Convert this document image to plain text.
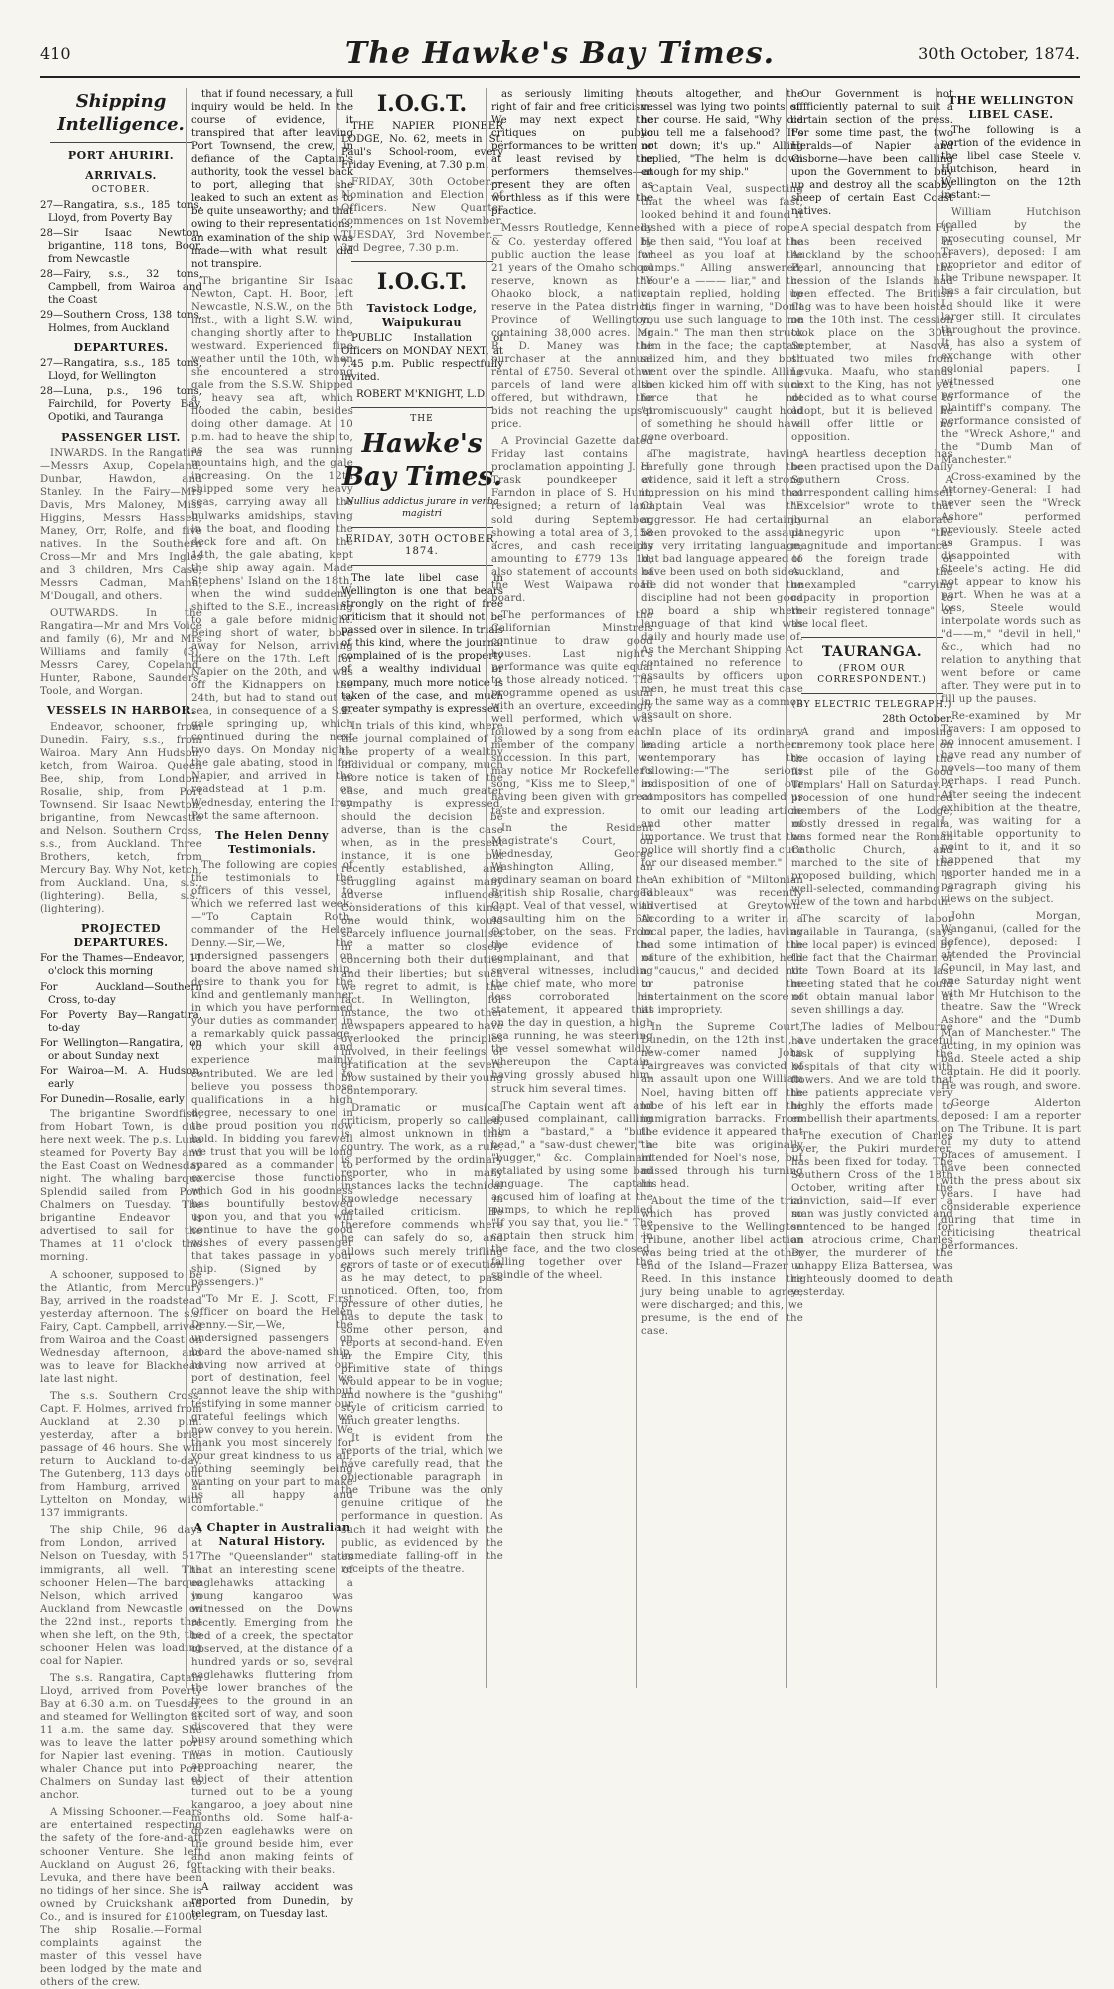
410	The Hawke's Bay Times.	30th October, 1874.
Shipping Intelligence.
PORT AHURIRI.
ARRIVALS.
OCTOBER.
27—Rangatira, s.s., 185 tons, Lloyd, from Poverty Bay
28—Sir Isaac Newton, brigantine, 118 tons, Boor, from Newcastle
28—Fairy, s.s., 32 tons, Campbell, from Wairoa and the Coast
29—Southern Cross, 138 tons, Holmes, from Auckland
DEPARTURES.
27—Rangatira, s.s., 185 tons, Lloyd, for Wellington
28—Luna, p.s., 196 tons, Fairchild, for Poverty Bay, Opotiki, and Tauranga
PASSENGER LIST.
INWARDS. In the Rangatira—Messrs Axup, Copeland, Dunbar, Hawdon, and Stanley. In the Fairy—Mrs Davis, Mrs Maloney, Miss Higgins, Messrs Hassell, Maney, Orr, Rolfe, and five natives. In the Southern Cross—Mr and Mrs Ingles and 3 children, Mrs Case, Messrs Cadman, Mann, M'Dougall, and others.
OUTWARDS. In the Rangatira—Mr and Mrs Voice and family (6), Mr and Mrs Williams and family (3), Messrs Carey, Copeland, Hunter, Rabone, Saunders, Toole, and Worgan.
VESSELS IN HARBOR.
Endeavor, schooner, from Dunedin. Fairy, s.s., from Wairoa. Mary Ann Hudson, ketch, from Wairoa. Queen Bee, ship, from London. Rosalie, ship, from Port Townsend. Sir Isaac Newton, brigantine, from Newcastle and Nelson. Southern Cross, s.s., from Auckland. Three Brothers, ketch, from Mercury Bay. Why Not, ketch, from Auckland. Una, s.s., (lightering). Bella, s.s., (lightering).
PROJECTED DEPARTURES.
For the Thames—Endeavor, 11 o'clock this morning
For Auckland—Southern Cross, to-day
For Poverty Bay—Rangatira, to-day
For Wellington—Rangatira, on or about Sunday next
For Wairoa—M. A. Hudson, early
For Dunedin—Rosalie, early
The brigantine Swordfish, from Hobart Town, is due here next week. The p.s. Luna steamed for Poverty Bay and the East Coast on Wednesday night. The whaling barque Splendid sailed from Port Chalmers on Tuesday. The brigantine Endeavor is advertised to sail for the Thames at 11 o'clock this morning.
A schooner, supposed to be the Atlantic, from Mercury Bay, arrived in the roadstead yesterday afternoon. The s.s. Fairy, Capt. Campbell, arrived from Wairoa and the Coast on Wednesday afternoon, and was to leave for Blackhead late last night.
The s.s. Southern Cross, Capt. F. Holmes, arrived from Auckland at 2.30 p.m. yesterday, after a brief passage of 46 hours. She will return to Auckland to-day. The Gutenberg, 113 days out from Hamburg, arrived at Lyttelton on Monday, with 137 immigrants.
The ship Chile, 96 days from London, arrived at Nelson on Tuesday, with 517 immigrants, all well. The schooner Helen—The barque Nelson, which arrived in Auckland from Newcastle on the 22nd inst., reports that when she left, on the 9th, the schooner Helen was loading coal for Napier.
The s.s. Rangatira, Captain Lloyd, arrived from Poverty Bay at 6.30 a.m. on Tuesday, and steamed for Wellington at 11 a.m. the same day. She was to leave the latter port for Napier last evening. The whaler Chance put into Port Chalmers on Sunday last to anchor.
A Missing Schooner.—Fears are entertained respecting the safety of the fore-and-aft schooner Venture. She left Auckland on August 26, for Levuka, and there have been no tidings of her since. She is owned by Cruickshank and Co., and is insured for £1000. The ship Rosalie.—Formal complaints against the master of this vessel have been lodged by the mate and others of the crew.
that if found necessary, a full inquiry would be held. In the course of evidence, it transpired that after leaving Port Townsend, the crew, in defiance of the Captain's authority, took the vessel back to port, alleging that she leaked to such an extent as to be quite unseaworthy; and that owing to their representations, an examination of the ship was made—with what result did not transpire.
The brigantine Sir Isaac Newton, Capt. H. Boor, left Newcastle, N.S.W., on the 5th inst., with a light S.W. wind, changing shortly after to the westward. Experienced fine weather until the 10th, when she encountered a strong gale from the S.S.W. Shipped a heavy sea aft, which flooded the cabin, besides doing other damage. At 10 p.m. had to heave the ship to, as the sea was running mountains high, and the gale increasing. On the 12th shipped some very heavy seas, carrying away all the bulwarks amidships, staving in the boat, and flooding the deck fore and aft. On the 14th, the gale abating, kept the ship away again. Made Stephens' Island on the 18th, when the wind suddenly shifted to the S.E., increasing to a gale before midnight. Being short of water, bore away for Nelson, arriving there on the 17th. Left for Napier on the 20th, and was off the Kidnappers on the 24th, but had to stand out to sea, in consequence of a S.E. gale springing up, which continued during the next two days. On Monday night, the gale abating, stood in for Napier, and arrived in the roadstead at 1 p.m. on Wednesday, entering the Iron Pot the same afternoon.
The Helen Denny Testimonials.
The following are copies of the testimonials to the officers of this vessel, to which we referred last week:—"To Captain Roth, commander of the Helen Denny.—Sir,—We, the undersigned passengers on board the above named ship, desire to thank you for the kind and gentlemanly manner in which you have performed your duties as commander, in a remarkably quick passage, to which your skill and experience mainly contributed. We are led to believe you possess those qualifications in a high degree, necessary to one in the proud position you now hold. In bidding you farewell we trust that you will be long spared as a commander to exercise those functions which God in his goodness has bountifully bestowed upon you, and that you will continue to have the good wishes of every passenger that takes passage in your ship. (Signed by 56 passengers.)"
"To Mr E. J. Scott, First Officer on board the Helen Denny.—Sir,—We, the undersigned passengers on board the above-named ship, having now arrived at our port of destination, feel we cannot leave the ship without testifying in some manner our grateful feelings which we now convey to you herein. We thank you most sincerely for your great kindness to us all, nothing seemingly being wanting on your part to make us all happy and comfortable."
A Chapter in Australian Natural History.
The "Queenslander" states that an interesting scene of eaglehawks attacking a young kangaroo was witnessed on the Downs recently. Emerging from the bed of a creek, the spectator observed, at the distance of a hundred yards or so, several eaglehawks fluttering from the lower branches of the trees to the ground in an excited sort of way, and soon discovered that they were busy around something which was in motion. Cautiously approaching nearer, the object of their attention turned out to be a young kangaroo, a joey about nine months old. Some half-a-dozen eaglehawks were on the ground beside him, ever and anon making feints of attacking with their beaks.
A railway accident was reported from Dunedin, by telegram, on Tuesday last.
I.O.G.T.
THE NAPIER PIONEER LODGE, No. 62, meets in St. Paul's School-room, every Friday Evening, at 7.30 p.m.
FRIDAY, 30th October.—Nomination and Election of Officers. New Quarter commences on 1st November. TUESDAY, 3rd November.—3rd Degree, 7.30 p.m.
I.O.G.T.
Tavistock Lodge, Waipukurau
PUBLIC Installation of Officers on MONDAY NEXT, at 7.45 p.m. Public respectfully invited.
ROBERT M'KNIGHT, L.D.
THE
Hawke's Bay Times.
Nullius addictus jurare in verba magistri
FRIDAY, 30TH OCTOBER, 1874.
The late libel case in Wellington is one that bears strongly on the right of free criticism that it should not be passed over in silence. In trials of this kind, where the journal complained of is the property of a wealthy individual or company, much more notice is taken of the case, and much greater sympathy is expressed.
In trials of this kind, where the journal complained of is the property of a wealthy individual or company, much more notice is taken of the case, and much greater sympathy is expressed, should the decision be adverse, than is the case when, as in the present instance, it is one but recently established, and struggling against many adverse influences. Considerations of this kind, one would think, would scarcely influence journalists in a matter so closely concerning both their duties and their liberties; but such we regret to admit, is the fact. In Wellington, for instance, the two other newspapers appeared to have overlooked the principles involved, in their feelings of gratification at the severe blow sustained by their young contemporary.
Dramatic or musical criticism, properly so called, is almost unknown in this country. The work, as a rule, is performed by the ordinary reporter, who in many instances lacks the technical knowledge necessary in detailed criticism. He therefore commends where he can safely do so, and allows such merely trifling errors of taste or of execution as he may detect, to pass unnoticed. Often, too, from pressure of other duties, he has to depute the task to some other person, and reports at second-hand. Even in the Empire City, this primitive state of things would appear to be in vogue; and nowhere is the "gushing" style of criticism carried to much greater lengths.
It is evident from the reports of the trial, which we have carefully read, that the objectionable paragraph in the Tribune was the only genuine critique of the performance in question. As such it had weight with the public, as evidenced by the immediate falling-off in the receipts of the theatre.
as seriously limiting the right of fair and free criticism. We may next expect the critiques on public performances to be written or at least revised by the performers themselves—at present they are often as worthless as if this were the practice.
Messrs Routledge, Kennedy & Co. yesterday offered by public auction the lease for 21 years of the Omaho school reserve, known as the Ohaoko block, a native reserve in the Patea district, Province of Wellington, containing 38,000 acres. Mr R. D. Maney was the purchaser at the annual rental of £750. Several other parcels of land were also offered, but withdrawn, the bids not reaching the upset price.
A Provincial Gazette dated Friday last contains a proclamation appointing J. H. Trask poundkeeper at Farndon in place of S. Hunt, resigned; a return of land sold during September, showing a total area of 3,158 acres, and cash receipts amounting to £779 13s 1d; also statement of accounts of the West Waipawa road board.
The performances of the Californian Minstrels continue to draw good houses. Last night's performance was quite equal to those already noticed. The programme opened as usual with an overture, exceedingly well performed, which was followed by a song from each member of the company in succession. In this part, we may notice Mr Rockefeller's song, "Kiss me to Sleep," as having been given with great taste and expression.
In the Resident Magistrate's Court, on Wednesday, George Washington Alling, an ordinary seaman on board the British ship Rosalie, charged Capt. Veal of that vessel, with assaulting him on the 6th October, on the seas. From the evidence of the complainant, and that of several witnesses, including the chief mate, who more or less corroborated his statement, it appeared that on the day in question, a high sea running, he was steering the vessel somewhat wildly, whereupon the Captain, having grossly abused him, struck him several times.
The Captain went aft and abused complainant, calling him a "bastard," a "bull-head," a "saw-dust chewer," a "bugger," &c. Complainant retaliated by using some bad language. The captain accused him of loafing at the pumps, to which he replied "If you say that, you lie." The captain then struck him in the face, and the two closed, falling together over the spindle of the wheel.
outs altogether, and the vessel was lying two points off her course. He said, "Why did you tell me a falsehood? It's not down; it's up." Alling replied, "The helm is down enough for my ship."
Captain Veal, suspecting that the wheel was fast, looked behind it and found it lashed with a piece of rope. He then said, "You loaf at the wheel as you loaf at the pumps." Alling answered, "Your'e a ——— liar," and the captain replied, holding up his finger in warning, "Don't you use such language to me again." The man then struck him in the face; the captain seized him, and they both went over the spindle. Alling then kicked him off with such force that he not "promiscuously" caught hold of something he should have gone overboard.
The magistrate, having carefully gone through the evidence, said it left a strong impression on his mind that Captain Veal was the aggressor. He had certainly been provoked to the assault by very irritating language; but bad language appeared to have been used on both sides. He did not wonder that the discipline had not been good on board a ship where language of that kind was daily and hourly made use of. As the Merchant Shipping Act contained no reference to assaults by officers upon men, he must treat this case in the same way as a common assault on shore.
In place of its ordinary leading article a northern contemporary has the following:—"The serious indisposition of one of our compositors has compelled us to omit our leading article and other matter of importance. We trust that the police will shortly find a cure for our diseased member."
An exhibition of "Miltonian Tableaux" was recently advertised at Greytown. According to a writer in a local paper, the ladies, having had some intimation of the nature of the exhibition, held a "caucus," and decided not to patronise the entertainment on the score of its impropriety.
In the Supreme Court, Dunedin, on the 12th inst., a new-comer named John Fairgreaves was convicted of an assault upon one William Noel, having bitten off the lobe of his left ear in the immigration barracks. From the evidence it appeared that the bite was originally intended for Noel's nose, but missed through his turning his head.
About the time of the trial which has proved so expensive to the Wellington Tribune, another libel action was being tried at the other end of the Island—Frazer v. Reed. In this instance the jury being unable to agree, were discharged; and this, we presume, is the end of the case.
Our Government is not sufficiently paternal to suit a certain section of the press. For some time past, the two Heralds—of Napier and Gisborne—have been calling upon the Government to buy up and destroy all the scabby sheep of certain East Coast natives.
A special despatch from Fiji has been received in Auckland by the schooner Pearl, announcing that the cession of the Islands had been effected. The British flag was to have been hoisted on the 10th inst. The cession took place on the 30th September, at Nasova, situated two miles from Levuka. Maafu, who stands next to the King, has not yet decided as to what course to adopt, but it is believed he will offer little or no opposition.
A heartless deception has been practised upon the Daily Southern Cross. A correspondent calling himself "Excelsior" wrote to that journal an elaborate panegyric upon "the magnitude and importance" of the foreign trade of Auckland, and the unexampled "carrying capacity in proportion to their registered tonnage" of the local fleet.
TAURANGA.
(FROM OUR CORRESPONDENT.)
(BY ELECTRIC TELEGRAPH.)
28th October.
A grand and imposing ceremony took place here on the occasion of laying the first pile of the Good Templars' Hall on Saturday. A procession of one hundred members of the Lodge, mostly dressed in regalia, was formed near the Roman Catholic Church, and marched to the site of the proposed building, which is well-selected, commanding a view of the town and harbour.
The scarcity of labor available in Tauranga, (says the local paper) is evinced by the fact that the Chairman of the Town Board at its last meeting stated that he could not obtain manual labor at seven shillings a day.
The ladies of Melbourne have undertaken the graceful task of supplying the hospitals of that city with flowers. And we are told that the patients appreciate very highly the efforts made to embellish their apartments.
The execution of Charles Dyer, the Pukiri murderer, has been fixed for today. The Southern Cross of the 18th October, writing after the conviction, said—If ever a man was justly convicted and sentenced to be hanged for an atrocious crime, Charles Dyer, the murderer of the unhappy Eliza Battersea, was righteously doomed to death yesterday.
THE WELLINGTON LIBEL CASE.
The following is a portion of the evidence in the libel case Steele v. Hutchison, heard in Wellington on the 12th instant:—
William Hutchison (called by the prosecuting counsel, Mr Travers), deposed: I am proprietor and editor of the Tribune newspaper. It has a fair circulation, but I should like it were larger still. It circulates throughout the province. It has also a system of exchange with other colonial papers. I witnessed one performance of the plaintiff's company. The performance consisted of the "Wreck Ashore," and the "Dumb Man of Manchester."
Cross-examined by the Attorney-General: I had never seen the "Wreck Ashore" performed previously. Steele acted as Grampus. I was disappointed with Steele's acting. He did not appear to know his part. When he was at a loss, Steele would interpolate words such as "d——m," "devil in hell," &c., which had no relation to anything that went before or came after. They were put in to fill up the pauses.
Re-examined by Mr Travers: I am opposed to no innocent amusement. I have read any number of novels—too many of them perhaps. I read Punch. After seeing the indecent exhibition at the theatre, I was waiting for a suitable opportunity to point to it, and it so happened that my reporter handed me in a paragraph giving his views on the subject.
John Morgan, Wanganui, (called for the defence), deposed: I attended the Provincial Council, in May last, and one Saturday night went with Mr Hutchison to the theatre. Saw the "Wreck Ashore" and the "Dumb Man of Manchester." The acting, in my opinion was bad. Steele acted a ship captain. He did it poorly. He was rough, and swore.
George Alderton deposed: I am a reporter on The Tribune. It is part of my duty to attend places of amusement. I have been connected with the press about six years. I have had considerable experience during that time in criticising theatrical performances.
